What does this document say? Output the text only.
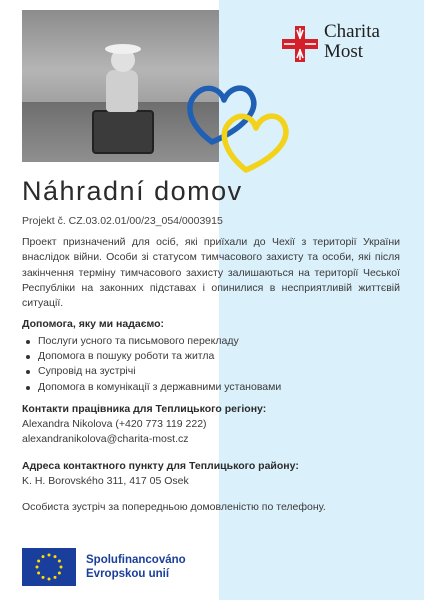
Charita
Most
Náhradní domov
Projekt č. CZ.03.02.01/00/23_054/0003915
Проект призначений для осіб, які приїхали до Чехії з території України внаслідок війни. Особи зі статусом тимчасового захисту та особи, які після закінчення терміну тимчасового захисту залишаються на території Чеської Республіки на законних підставах і опинилися в несприятливій життєвій ситуації.
Допомога, яку ми надаємо:
Послуги усного та письмового перекладу
Допомога в пошуку роботи та житла
Супровід на зустрічі
Допомога в комунікації з державними установами
Контакти працівника для Теплицького регіону:
Alexandra Nikolova (+420 773 119 222)
alexandranikolova@charita-most.cz
Адреса контактного пункту для Теплицького району:
K. H. Borovského 311, 417 05 Osek
Особиста зустріч за попередньою домовленістю по телефону.
Spolufinancováno
Evropskou unií
